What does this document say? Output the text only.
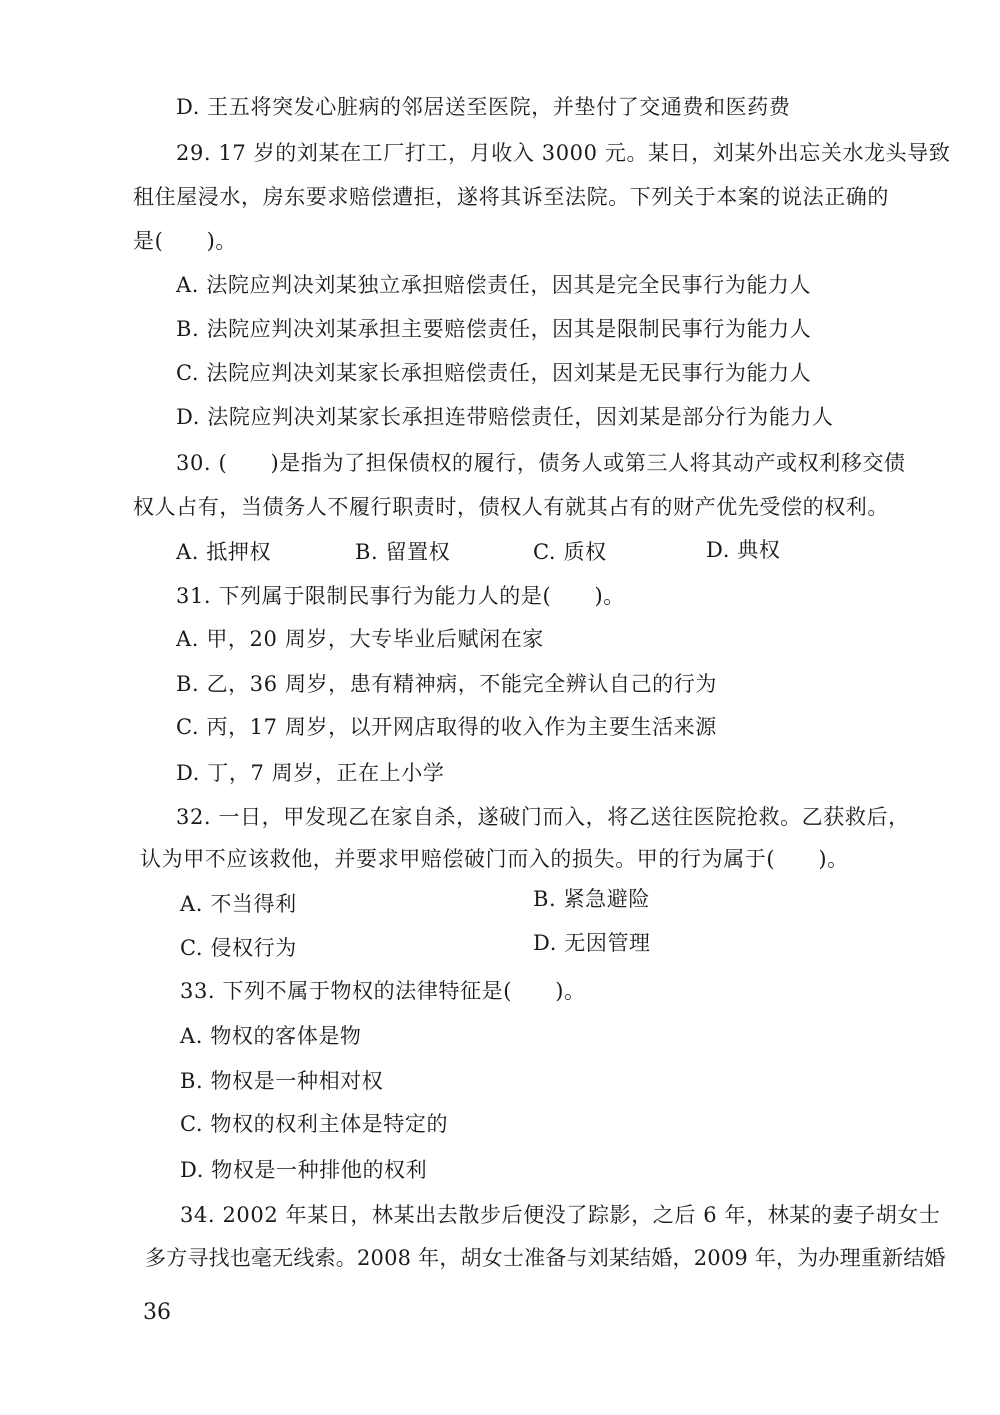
D. 王五将突发心脏病的邻居送至医院，并垫付了交通费和医药费
29. 17 岁的刘某在工厂打工，月收入 3000 元。某日，刘某外出忘关水龙头导致
租住屋浸水，房东要求赔偿遭拒，遂将其诉至法院。下列关于本案的说法正确的
是(　　)。
A. 法院应判决刘某独立承担赔偿责任，因其是完全民事行为能力人
B. 法院应判决刘某承担主要赔偿责任，因其是限制民事行为能力人
C. 法院应判决刘某家长承担赔偿责任，因刘某是无民事行为能力人
D. 法院应判决刘某家长承担连带赔偿责任，因刘某是部分行为能力人
30. (　　)是指为了担保债权的履行，债务人或第三人将其动产或权利移交债
权人占有，当债务人不履行职责时，债权人有就其占有的财产优先受偿的权利。
A. 抵押权	B. 留置权	C. 质权	D. 典权
31. 下列属于限制民事行为能力人的是(　　)。
A. 甲，20 周岁，大专毕业后赋闲在家
B. 乙，36 周岁，患有精神病，不能完全辨认自己的行为
C. 丙，17 周岁，以开网店取得的收入作为主要生活来源
D. 丁，7 周岁，正在上小学
32. 一日，甲发现乙在家自杀，遂破门而入，将乙送往医院抢救。乙获救后，
认为甲不应该救他，并要求甲赔偿破门而入的损失。甲的行为属于(　　)。
A. 不当得利	B. 紧急避险
C. 侵权行为	D. 无因管理
33. 下列不属于物权的法律特征是(　　)。
A. 物权的客体是物
B. 物权是一种相对权
C. 物权的权利主体是特定的
D. 物权是一种排他的权利
34. 2002 年某日，林某出去散步后便没了踪影，之后 6 年，林某的妻子胡女士
多方寻找也毫无线索。2008 年，胡女士准备与刘某结婚，2009 年，为办理重新结婚
36
